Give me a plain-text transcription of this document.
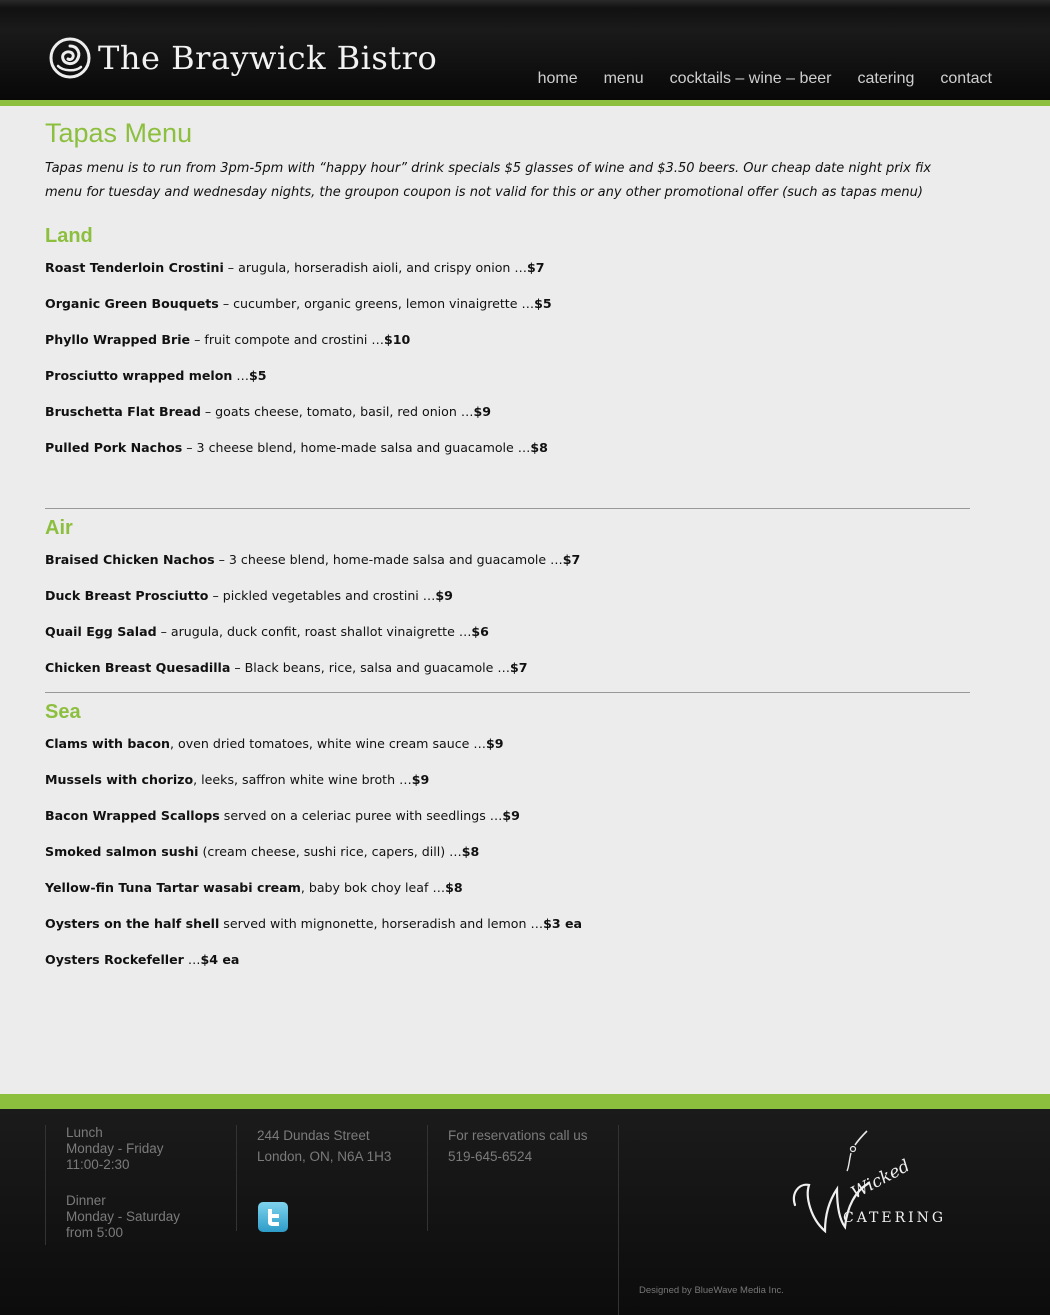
The Braywick Bistro
home menu cocktails – wine – beer catering contact
Tapas Menu

Tapas menu is to run from 3pm-5pm with “happy hour” drink specials $5 glasses of wine and $3.50 beers. Our cheap date night prix fix menu for tuesday and wednesday nights, the groupon coupon is not valid for this or any other promotional offer (such as tapas menu)

Land
Roast Tenderloin Crostini – arugula, horseradish aioli, and crispy onion …$7
Organic Green Bouquets – cucumber, organic greens, lemon vinaigrette …$5
Phyllo Wrapped Brie – fruit compote and crostini …$10
Prosciutto wrapped melon …$5
Bruschetta Flat Bread – goats cheese, tomato, basil, red onion …$9
Pulled Pork Nachos – 3 cheese blend, home-made salsa and guacamole …$8
Air
Braised Chicken Nachos – 3 cheese blend, home-made salsa and guacamole …$7
Duck Breast Prosciutto – pickled vegetables and crostini …$9
Quail Egg Salad – arugula, duck confit, roast shallot vinaigrette …$6
Chicken Breast Quesadilla – Black beans, rice, salsa and guacamole …$7
Sea
Clams with bacon, oven dried tomatoes, white wine cream sauce …$9
Mussels with chorizo, leeks, saffron white wine broth …$9
Bacon Wrapped Scallops served on a celeriac puree with seedlings …$9
Smoked salmon sushi (cream cheese, sushi rice, capers, dill) …$8
Yellow-fin Tuna Tartar wasabi cream, baby bok choy leaf …$8
Oysters on the half shell served with mignonette, horseradish and lemon …$3 ea
Oysters Rockefeller …$4 ea
Lunch
Monday - Friday
11:00-2:30
Dinner
Monday - Saturday
from 5:00
244 Dundas Street
London, ON, N6A 1H3
For reservations call us
519-645-6524	Wicked
CATERING
Designed by BlueWave Media Inc.
